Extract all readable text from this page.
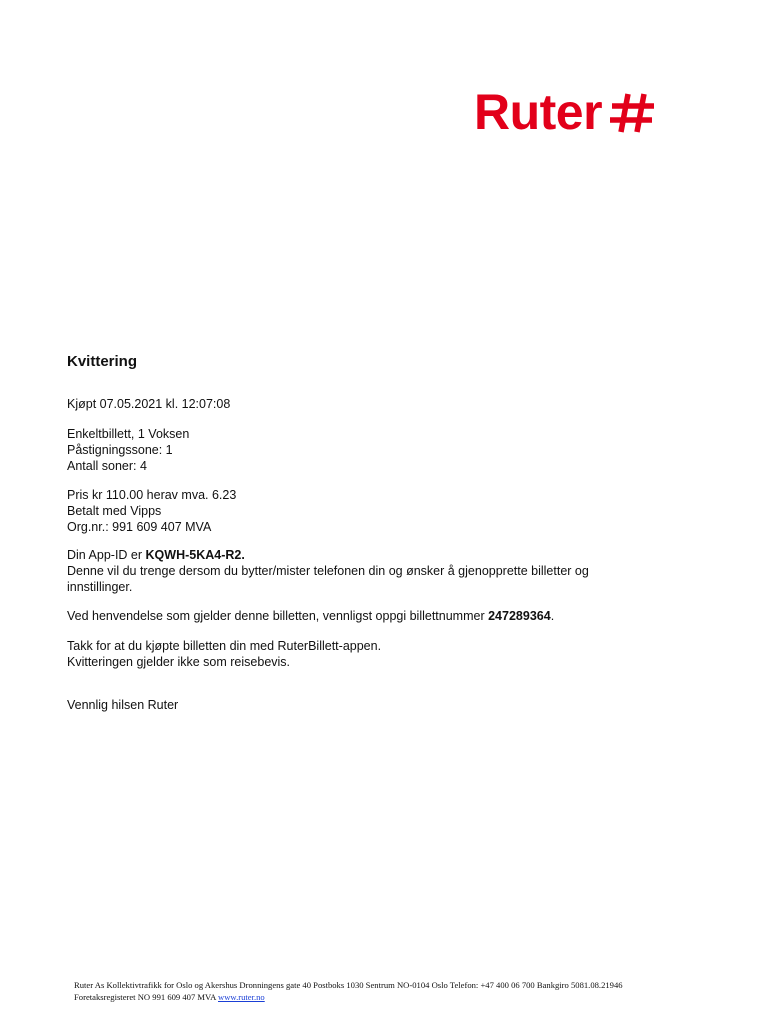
Ruter
Kvittering

Kjøpt 07.05.2021 kl. 12:07:08

Enkeltbillett, 1 Voksen
Påstigningssone: 1
Antall soner: 4

Pris kr 110.00 herav mva. 6.23
Betalt med Vipps
Org.nr.: 991 609 407 MVA

Din App-ID er KQWH-5KA4-R2.
Denne vil du trenge dersom du bytter/mister telefonen din og ønsker å gjenopprette billetter og
innstillinger.

Ved henvendelse som gjelder denne billetten, vennligst oppgi billettnummer 247289364.

Takk for at du kjøpte billetten din med RuterBillett-appen.
Kvitteringen gjelder ikke som reisebevis.

Vennlig hilsen Ruter

Ruter As Kollektivtrafikk for Oslo og Akershus Dronningens gate 40 Postboks 1030 Sentrum NO-0104 Oslo Telefon: +47 400 06 700 Bankgiro 5081.08.21946
Foretaksregisteret NO 991 609 407 MVA www.ruter.no
